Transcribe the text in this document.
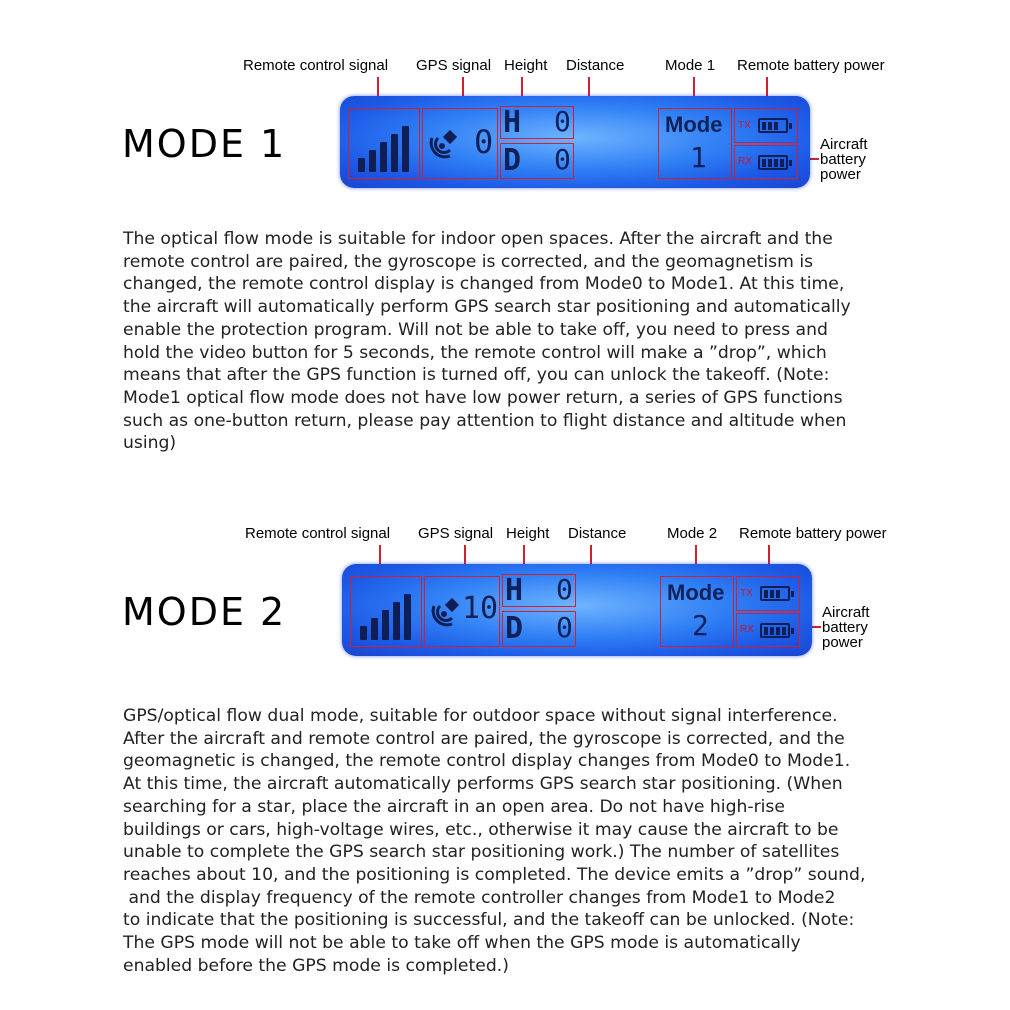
Remote control signal GPS signal Height Distance	Mode 1 Remote battery power
MODE 1	0
H 0
D 0
Mode
1
TX
RX
Aircraft
battery
power
The optical flow mode is suitable for indoor open spaces. After the aircraft and the
remote control are paired, the gyroscope is corrected, and the geomagnetism is
changed, the remote control display is changed from Mode0 to Mode1. At this time,
the aircraft will automatically perform GPS search star positioning and automatically
enable the protection program. Will not be able to take off, you need to press and
hold the video button for 5 seconds, the remote control will make a ”drop”, which
means that after the GPS function is turned off, you can unlock the takeoff. (Note:
Mode1 optical flow mode does not have low power return, a series of GPS functions
such as one-button return, please pay attention to flight distance and altitude when
using)
Remote control signal GPS signal Height Distance	Mode 2 Remote battery power
MODE 2	10
H 0
D 0
Mode
2
TX
RX
Aircraft
battery
power
GPS/optical flow dual mode, suitable for outdoor space without signal interference.
After the aircraft and remote control are paired, the gyroscope is corrected, and the
geomagnetic is changed, the remote control display changes from Mode0 to Mode1.
At this time, the aircraft automatically performs GPS search star positioning. (When
searching for a star, place the aircraft in an open area. Do not have high-rise
buildings or cars, high-voltage wires, etc., otherwise it may cause the aircraft to be
unable to complete the GPS search star positioning work.) The number of satellites
reaches about 10, and the positioning is completed. The device emits a ”drop” sound,
and the display frequency of the remote controller changes from Mode1 to Mode2
to indicate that the positioning is successful, and the takeoff can be unlocked. (Note:
The GPS mode will not be able to take off when the GPS mode is automatically
enabled before the GPS mode is completed.)
